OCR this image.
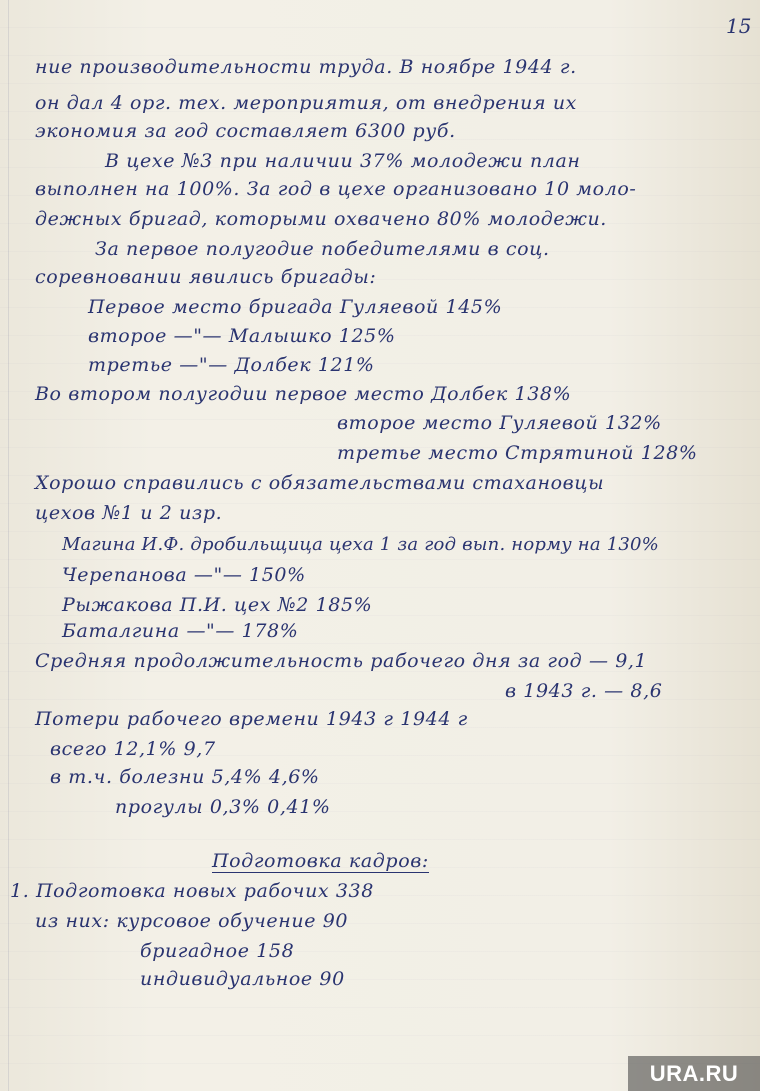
15
ние производительности труда. В ноябре 1944 г.
он дал 4 орг. тех. мероприятия, от внедрения их
экономия за год составляет 6300 руб.
В цехе №3 при наличии 37% молодежи план
выполнен на 100%. За год в цехе организовано 10 моло-
дежных бригад, которыми охвачено 80% молодежи.
За первое полугодие победителями в соц.
соревновании явились бригады:
Первое место бригада Гуляевой 145%
второе —"— Малышко 125%
третье —"— Долбек 121%
Во втором полугодии первое место Долбек 138%
второе место Гуляевой 132%
третье место Стрятиной 128%
Хорошо справились с обязательствами стахановцы
цехов №1 и 2 изр.
Магина И.Ф. дробильщица цеха 1 за год вып. норму на 130%
Черепанова —"— 150%
Рыжакова П.И. цех №2 185%
Баталгина —"— 178%
Средняя продолжительность рабочего дня за год — 9,1
в 1943 г. — 8,6
Потери рабочего времени 1943 г 1944 г
всего 12,1% 9,7
в т.ч. болезни 5,4% 4,6%
прогулы 0,3% 0,41%
Подготовка кадров:
1. Подготовка новых рабочих 338
из них: курсовое обучение 90
бригадное 158
индивидуальное 90
URA.RU
